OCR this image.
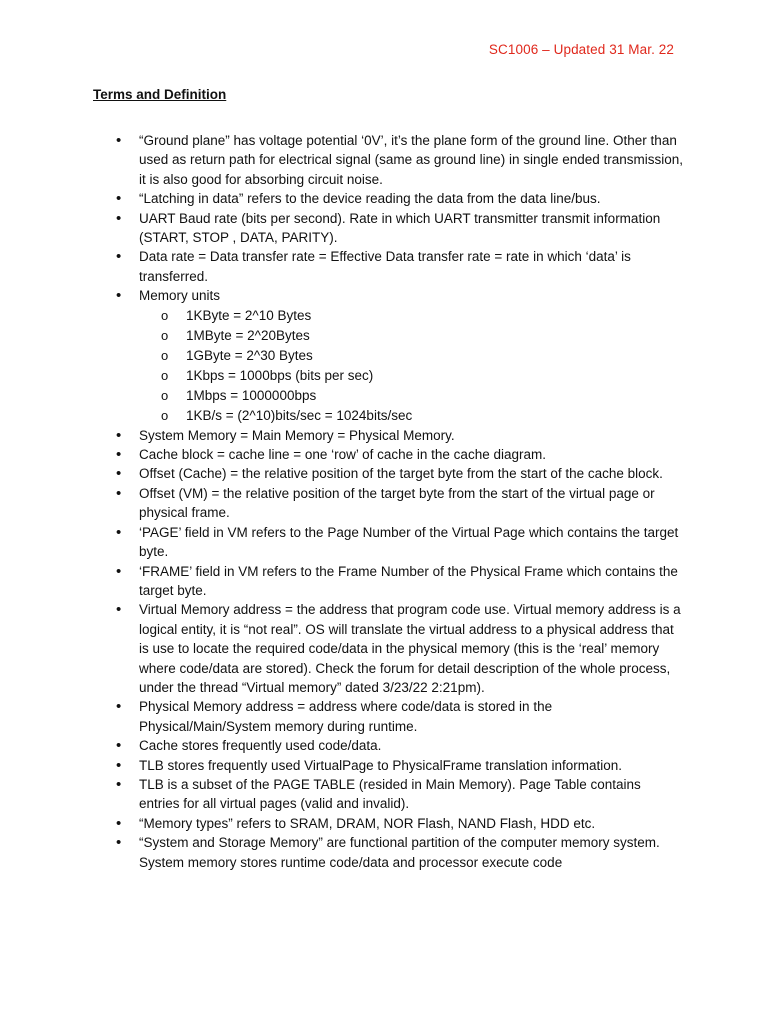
SC1006 – Updated 31 Mar. 22
Terms and Definition
• “Ground plane” has voltage potential ‘0V’, it’s the plane form of the ground line. Other than used as return path for electrical signal (same as ground line) in single ended transmission, it is also good for absorbing circuit noise.
• “Latching in data” refers to the device reading the data from the data line/bus.
• UART Baud rate (bits per second). Rate in which UART transmitter transmit information (START, STOP , DATA, PARITY).
• Data rate = Data transfer rate = Effective Data transfer rate = rate in which ‘data’ is transferred.
• Memory units
o 1KByte = 2^10 Bytes
o 1MByte = 2^20Bytes
o 1GByte = 2^30 Bytes
o 1Kbps = 1000bps (bits per sec)
o 1Mbps = 1000000bps
o 1KB/s = (2^10)bits/sec = 1024bits/sec
• System Memory = Main Memory = Physical Memory.
• Cache block = cache line = one ‘row’ of cache in the cache diagram.
• Offset (Cache) = the relative position of the target byte from the start of the cache block.
• Offset (VM) = the relative position of the target byte from the start of the virtual page or physical frame.
• ‘PAGE’ field in VM refers to the Page Number of the Virtual Page which contains the target byte.
• ‘FRAME’ field in VM refers to the Frame Number of the Physical Frame which contains the target byte.
• Virtual Memory address = the address that program code use. Virtual memory address is a logical entity, it is “not real”. OS will translate the virtual address to a physical address that is use to locate the required code/data in the physical memory (this is the ‘real’ memory where code/data are stored). Check the forum for detail description of the whole process, under the thread “Virtual memory” dated 3/23/22 2:21pm).
• Physical Memory address = address where code/data is stored in the Physical/Main/System memory during runtime.
• Cache stores frequently used code/data.
• TLB stores frequently used VirtualPage to PhysicalFrame translation information.
• TLB is a subset of the PAGE TABLE (resided in Main Memory). Page Table contains entries for all virtual pages (valid and invalid).
• “Memory types” refers to SRAM, DRAM, NOR Flash, NAND Flash, HDD etc.
• “System and Storage Memory” are functional partition of the computer memory system. System memory stores runtime code/data and processor execute code
